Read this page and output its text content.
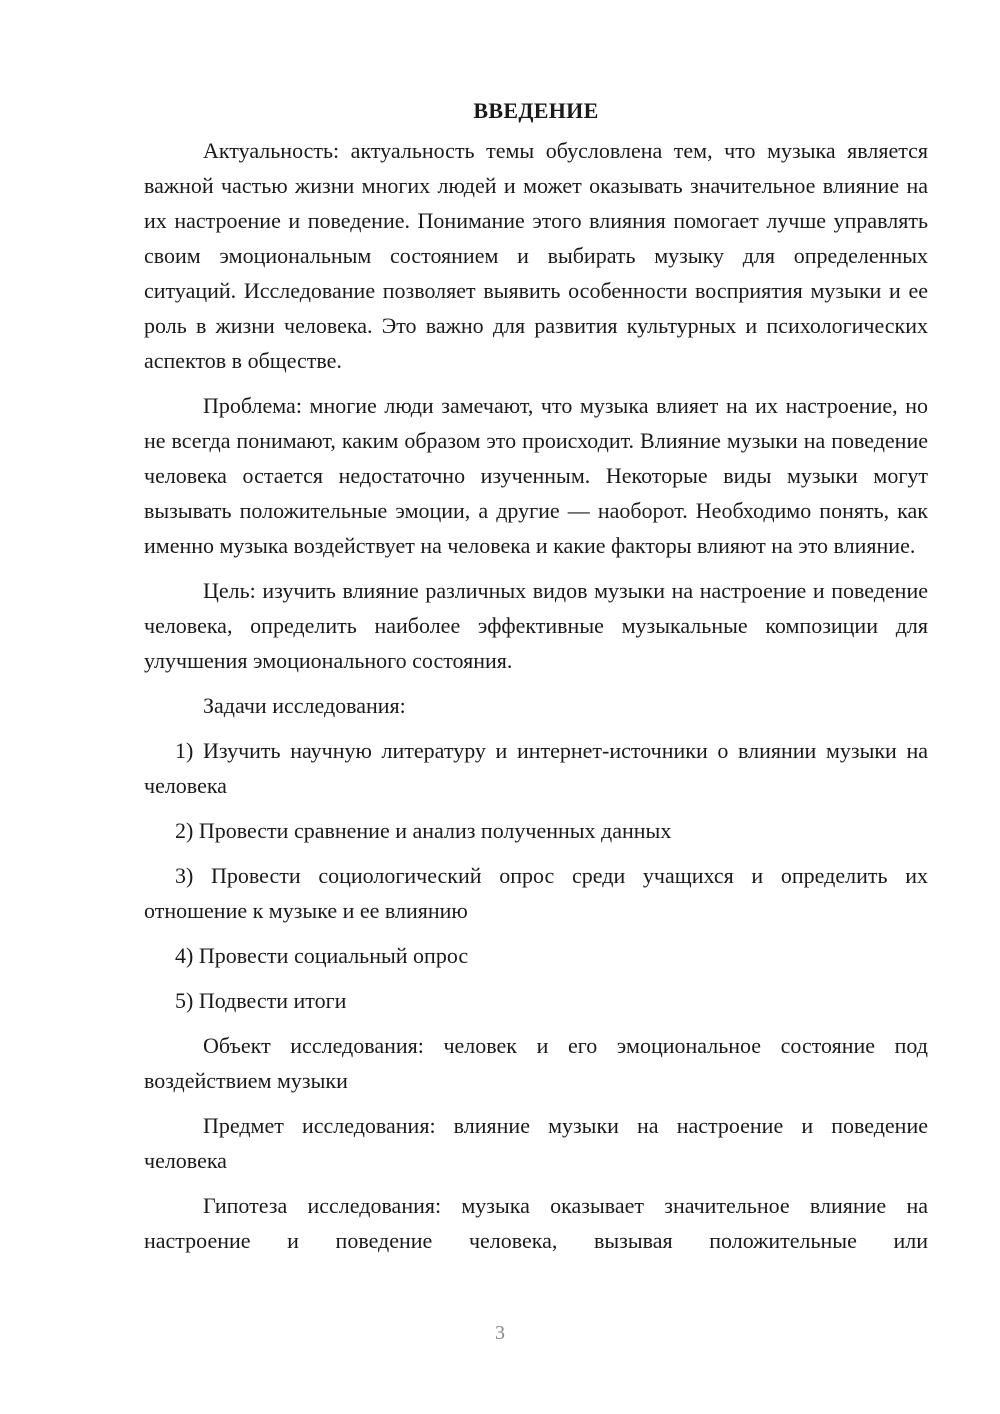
ВВЕДЕНИЕ

Актуальность: актуальность темы обусловлена тем, что музыка является важной частью жизни многих людей и может оказывать значительное влияние на их настроение и поведение. Понимание этого влияния помогает лучше управлять своим эмоциональным состоянием и выбирать музыку для определенных ситуаций. Исследование позволяет выявить особенности восприятия музыки и ее роль в жизни человека. Это важно для развития культурных и психологических аспектов в обществе.

Проблема: многие люди замечают, что музыка влияет на их настроение, но не всегда понимают, каким образом это происходит. Влияние музыки на поведение человека остается недостаточно изученным. Некоторые виды музыки могут вызывать положительные эмоции, а другие — наоборот. Необходимо понять, как именно музыка воздействует на человека и какие факторы влияют на это влияние.

Цель: изучить влияние различных видов музыки на настроение и поведение человека, определить наиболее эффективные музыкальные композиции для улучшения эмоционального состояния.

Задачи исследования:

1) Изучить научную литературу и интернет-источники о влиянии музыки на человека

2) Провести сравнение и анализ полученных данных

3) Провести социологический опрос среди учащихся и определить их отношение к музыке и ее влиянию

4) Провести социальный опрос

5) Подвести итоги

Объект исследования: человек и его эмоциональное состояние под воздействием музыки

Предмет исследования: влияние музыки на настроение и поведение человека

Гипотеза исследования: музыка оказывает значительное влияние на настроение и поведение человека, вызывая положительные или

3
